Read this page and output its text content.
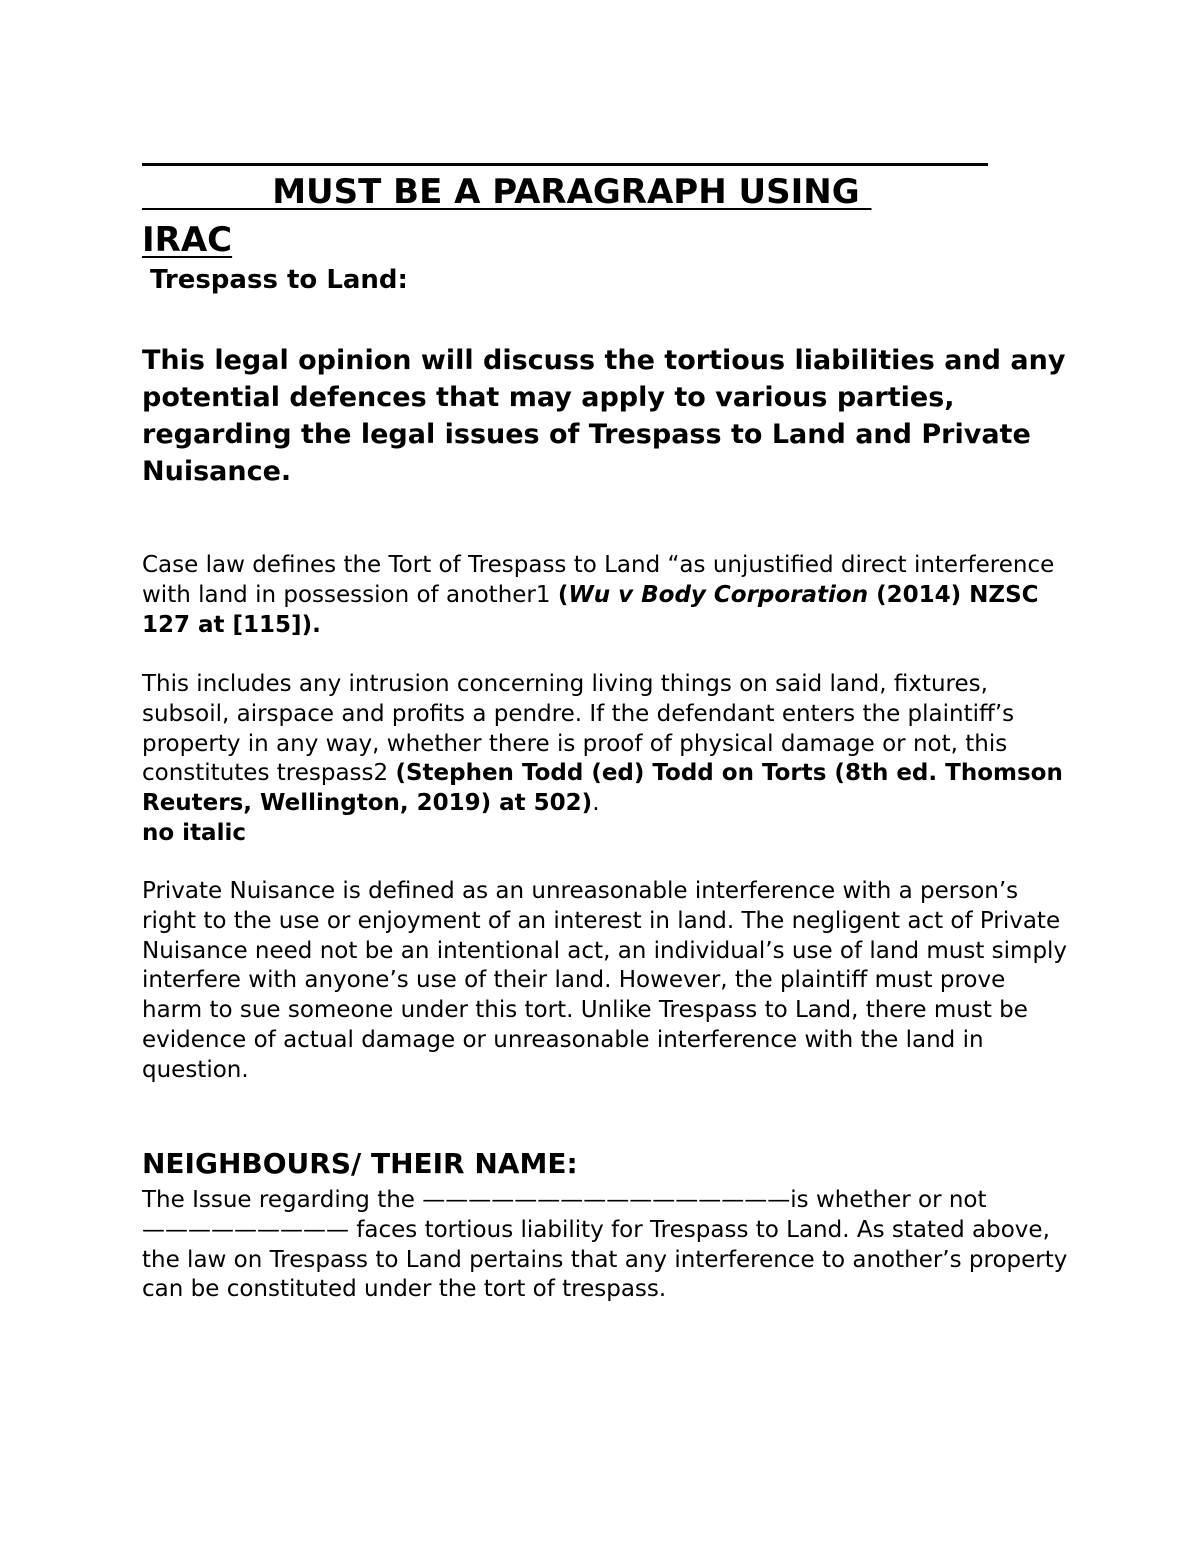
MUST BE A PARAGRAPH USING
IRAC

Trespass to Land:

This legal opinion will discuss the tortious liabilities and any potential defences that may apply to various parties, regarding the legal issues of Trespass to Land and Private Nuisance.

Case law defines the Tort of Trespass to Land “as unjustified direct interference with land in possession of another1 (Wu v Body Corporation (2014) NZSC 127 at [115]).

This includes any intrusion concerning living things on said land, fixtures, subsoil, airspace and profits a pendre. If the defendant enters the plaintiff’s property in any way, whether there is proof of physical damage or not, this constitutes trespass2 (Stephen Todd (ed) Todd on Torts (8th ed. Thomson Reuters, Wellington, 2019) at 502).
no italic

Private Nuisance is defined as an unreasonable interference with a person’s right to the use or enjoyment of an interest in land. The negligent act of Private Nuisance need not be an intentional act, an individual’s use of land must simply interfere with anyone’s use of their land. However, the plaintiff must prove harm to sue someone under this tort. Unlike Trespass to Land, there must be evidence of actual damage or unreasonable interference with the land in question.

NEIGHBOURS/ THEIR NAME:

The Issue regarding the ————————————————is whether or not ————————— faces tortious liability for Trespass to Land. As stated above, the law on Trespass to Land pertains that any interference to another’s property can be constituted under the tort of trespass.
